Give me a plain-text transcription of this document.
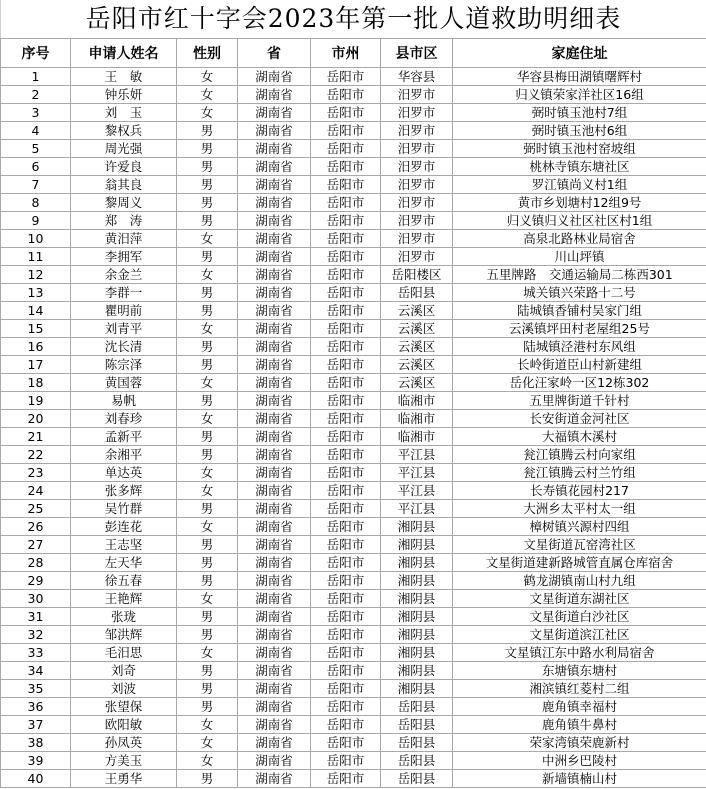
岳阳市红十字会2023年第一批人道救助明细表
序号	申请人姓名	性别	省	市州	县市区	家庭住址
1	王　敏	女	湖南省	岳阳市	华容县	华容县梅田湖镇曙辉村
2	钟乐妍	女	湖南省	岳阳市	汨罗市	归义镇荣家洋社区16组
3	刘　玉	女	湖南省	岳阳市	汨罗市	弼时镇玉池村7组
4	黎权兵	男	湖南省	岳阳市	汨罗市	弼时镇玉池村6组
5	周光强	男	湖南省	岳阳市	汨罗市	弼时镇玉池村窑坡组
6	许爱良	男	湖南省	岳阳市	汨罗市	桃林寺镇东塘社区
7	翁其良	男	湖南省	岳阳市	汨罗市	罗江镇尚义村1组
8	黎周义	男	湖南省	岳阳市	汨罗市	黄市乡划塘村12组9号
9	郑　涛	男	湖南省	岳阳市	汨罗市	归义镇归义社区社区村1组
10	黄汨萍	女	湖南省	岳阳市	汨罗市	高泉北路林业局宿舍
11	李拥军	男	湖南省	岳阳市	汨罗市	川山坪镇
12	余金兰	女	湖南省	岳阳市	岳阳楼区	五里牌路　交通运输局二栋西301
13	李群一	男	湖南省	岳阳市	岳阳县	城关镇兴荣路十二号
14	瞿明前	男	湖南省	岳阳市	云溪区	陆城镇香铺村吴家门组
15	刘青平	女	湖南省	岳阳市	云溪区	云溪镇坪田村老屋组25号
16	沈长清	男	湖南省	岳阳市	云溪区	陆城镇泾港村东风组
17	陈宗泽	男	湖南省	岳阳市	云溪区	长岭街道臣山村新建组
18	黄国蓉	女	湖南省	岳阳市	云溪区	岳化汪家岭一区12栋302
19	易帆	男	湖南省	岳阳市	临湘市	五里牌街道千针村
20	刘春珍	女	湖南省	岳阳市	临湘市	长安街道金河社区
21	孟新平	男	湖南省	岳阳市	临湘市	大福镇木溪村
22	余湘平	男	湖南省	岳阳市	平江县	瓮江镇腾云村向家组
23	单达英	女	湖南省	岳阳市	平江县	瓮江镇腾云村兰竹组
24	张多辉	女	湖南省	岳阳市	平江县	长寿镇花园村217
25	吴竹群	男	湖南省	岳阳市	平江县	大洲乡太平村太一组
26	彭连花	女	湖南省	岳阳市	湘阴县	樟树镇兴源村四组
27	王志坚	男	湖南省	岳阳市	湘阴县	文星街道瓦窑湾社区
28	左天华	男	湖南省	岳阳市	湘阴县	文星街道建新路城管直属仓库宿舍
29	徐五春	男	湖南省	岳阳市	湘阴县	鹤龙湖镇南山村九组
30	王艳辉	女	湖南省	岳阳市	湘阴县	文星街道东湖社区
31	张珑	男	湖南省	岳阳市	湘阴县	文星街道白沙社区
32	邹洪辉	男	湖南省	岳阳市	湘阴县	文星街道滨江社区
33	毛汨思	女	湖南省	岳阳市	湘阴县	文星镇江东中路水利局宿舍
34	刘奇	男	湖南省	岳阳市	湘阴县	东塘镇东塘村
35	刘波	男	湖南省	岳阳市	湘阴县	湘滨镇红菱村二组
36	张望保	男	湖南省	岳阳市	岳阳县	鹿角镇幸福村
37	欧阳敏	女	湖南省	岳阳市	岳阳县	鹿角镇牛鼻村
38	孙凤英	女	湖南省	岳阳市	岳阳县	荣家湾镇荣鹿新村
39	方美玉	女	湖南省	岳阳市	岳阳县	中洲乡巴陵村
40	王勇华	男	湖南省	岳阳市	岳阳县	新墙镇楠山村
